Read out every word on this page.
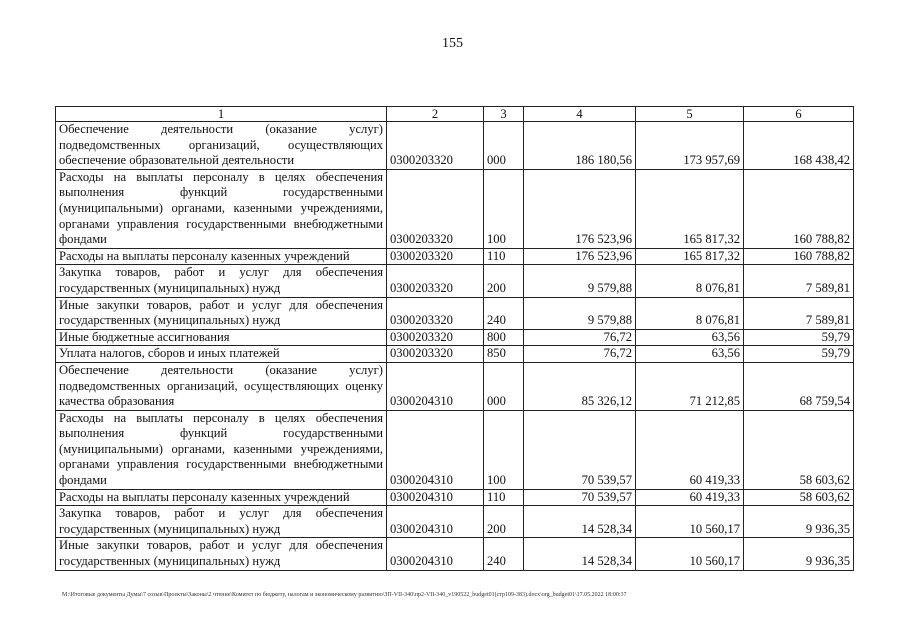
155
1	2	3	4	5	6
Обеспечение деятельности (оказание услуг) подведомственных организаций, осуществляющих обеспечение образовательной деятельности	0300203320	000	186 180,56	173 957,69	168 438,42
Расходы на выплаты персоналу в целях обеспечения выполнения функций государственными (муниципальными) органами, казенными учреждениями, органами управления государственными внебюджетными фондами	0300203320	100	176 523,96	165 817,32	160 788,82
Расходы на выплаты персоналу казенных учреждений	0300203320	110	176 523,96	165 817,32	160 788,82
Закупка товаров, работ и услуг для обеспечения государственных (муниципальных) нужд	0300203320	200	9 579,88	8 076,81	7 589,81
Иные закупки товаров, работ и услуг для обеспечения государственных (муниципальных) нужд	0300203320	240	9 579,88	8 076,81	7 589,81
Иные бюджетные ассигнования	0300203320	800	76,72	63,56	59,79
Уплата налогов, сборов и иных платежей	0300203320	850	76,72	63,56	59,79
Обеспечение деятельности (оказание услуг) подведомственных организаций, осуществляющих оценку качества образования	0300204310	000	85 326,12	71 212,85	68 759,54
Расходы на выплаты персоналу в целях обеспечения выполнения функций государственными (муниципальными) органами, казенными учреждениями, органами управления государственными внебюджетными фондами	0300204310	100	70 539,57	60 419,33	58 603,62
Расходы на выплаты персоналу казенных учреждений	0300204310	110	70 539,57	60 419,33	58 603,62
Закупка товаров, работ и услуг для обеспечения государственных (муниципальных) нужд	0300204310	200	14 528,34	10 560,17	9 936,35
Иные закупки товаров, работ и услуг для обеспечения государственных (муниципальных) нужд	0300204310	240	14 528,34	10 560,17	9 936,35
M:\Итоговые документы Думы\7 созыв\Проекты\Законы\2 чтение\Комитет по бюджету, налогам и экономическому развитию\ЗП-VII-340\пр2-VII-340_v190522_budget01(стр109-383).docx\org_budget01\17.05.2022 18:00:37
